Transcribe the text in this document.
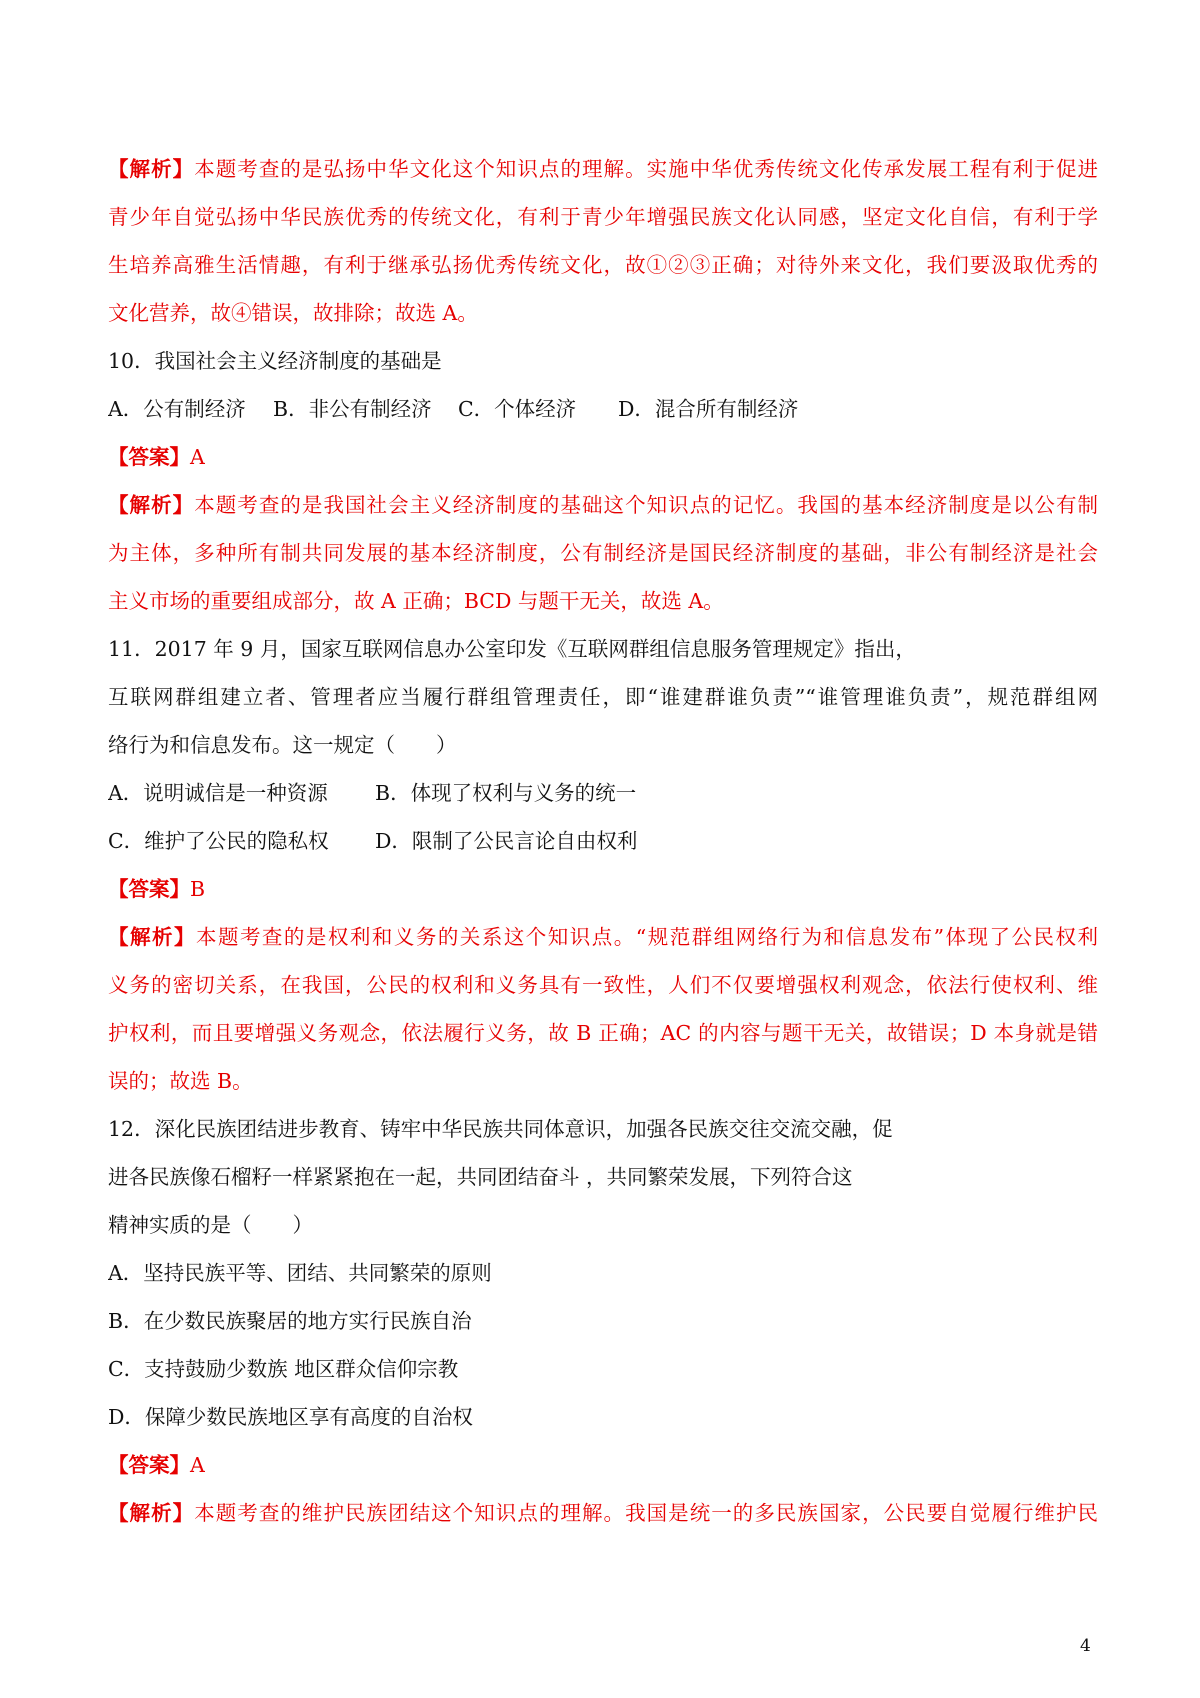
【解析】本题考查的是弘扬中华文化这个知识点的理解。实施中华优秀传统文化传承发展工程有利于促进
青少年自觉弘扬中华民族优秀的传统文化，有利于青少年增强民族文化认同感，坚定文化自信，有利于学
生培养高雅生活情趣，有利于继承弘扬优秀传统文化，故①②③正确；对待外来文化，我们要汲取优秀的
文化营养，故④错误，故排除；故选 A。
10．我国社会主义经济制度的基础是
A．公有制经济 B．非公有制经济 C．个体经济 D．混合所有制经济
【答案】A
【解析】本题考查的是我国社会主义经济制度的基础这个知识点的记忆。我国的基本经济制度是以公有制
为主体，多种所有制共同发展的基本经济制度，公有制经济是国民经济制度的基础，非公有制经济是社会
主义市场的重要组成部分，故 A 正确；BCD 与题干无关，故选 A。
11．2017 年 9 月，国家互联网信息办公室印发《互联网群组信息服务管理规定》指出，
互联网群组建立者、管理者应当履行群组管理责任，即“谁建群谁负责”“谁管理谁负责”，规范群组网
络行为和信息发布。这一规定（　　）
A．说明诚信是一种资源 B．体现了权利与义务的统一
C．维护了公民的隐私权 D．限制了公民言论自由权利
【答案】B
【解析】本题考查的是权利和义务的关系这个知识点。“规范群组网络行为和信息发布”体现了公民权利
义务的密切关系，在我国，公民的权利和义务具有一致性，人们不仅要增强权利观念，依法行使权利、维
护权利，而且要增强义务观念，依法履行义务，故 B 正确；AC 的内容与题干无关，故错误；D 本身就是错
误的；故选 B。
12．深化民族团结进步教育、铸牢中华民族共同体意识，加强各民族交往交流交融，促
进各民族像石榴籽一样紧紧抱在一起，共同团结奋斗 ，共同繁荣发展，下列符合这
精神实质的是（　　）
A．坚持民族平等、团结、共同繁荣的原则
B．在少数民族聚居的地方实行民族自治
C．支持鼓励少数族 地区群众信仰宗教
D．保障少数民族地区享有高度的自治权
【答案】A
【解析】本题考查的维护民族团结这个知识点的理解。我国是统一的多民族国家，公民要自觉履行维护民
4
